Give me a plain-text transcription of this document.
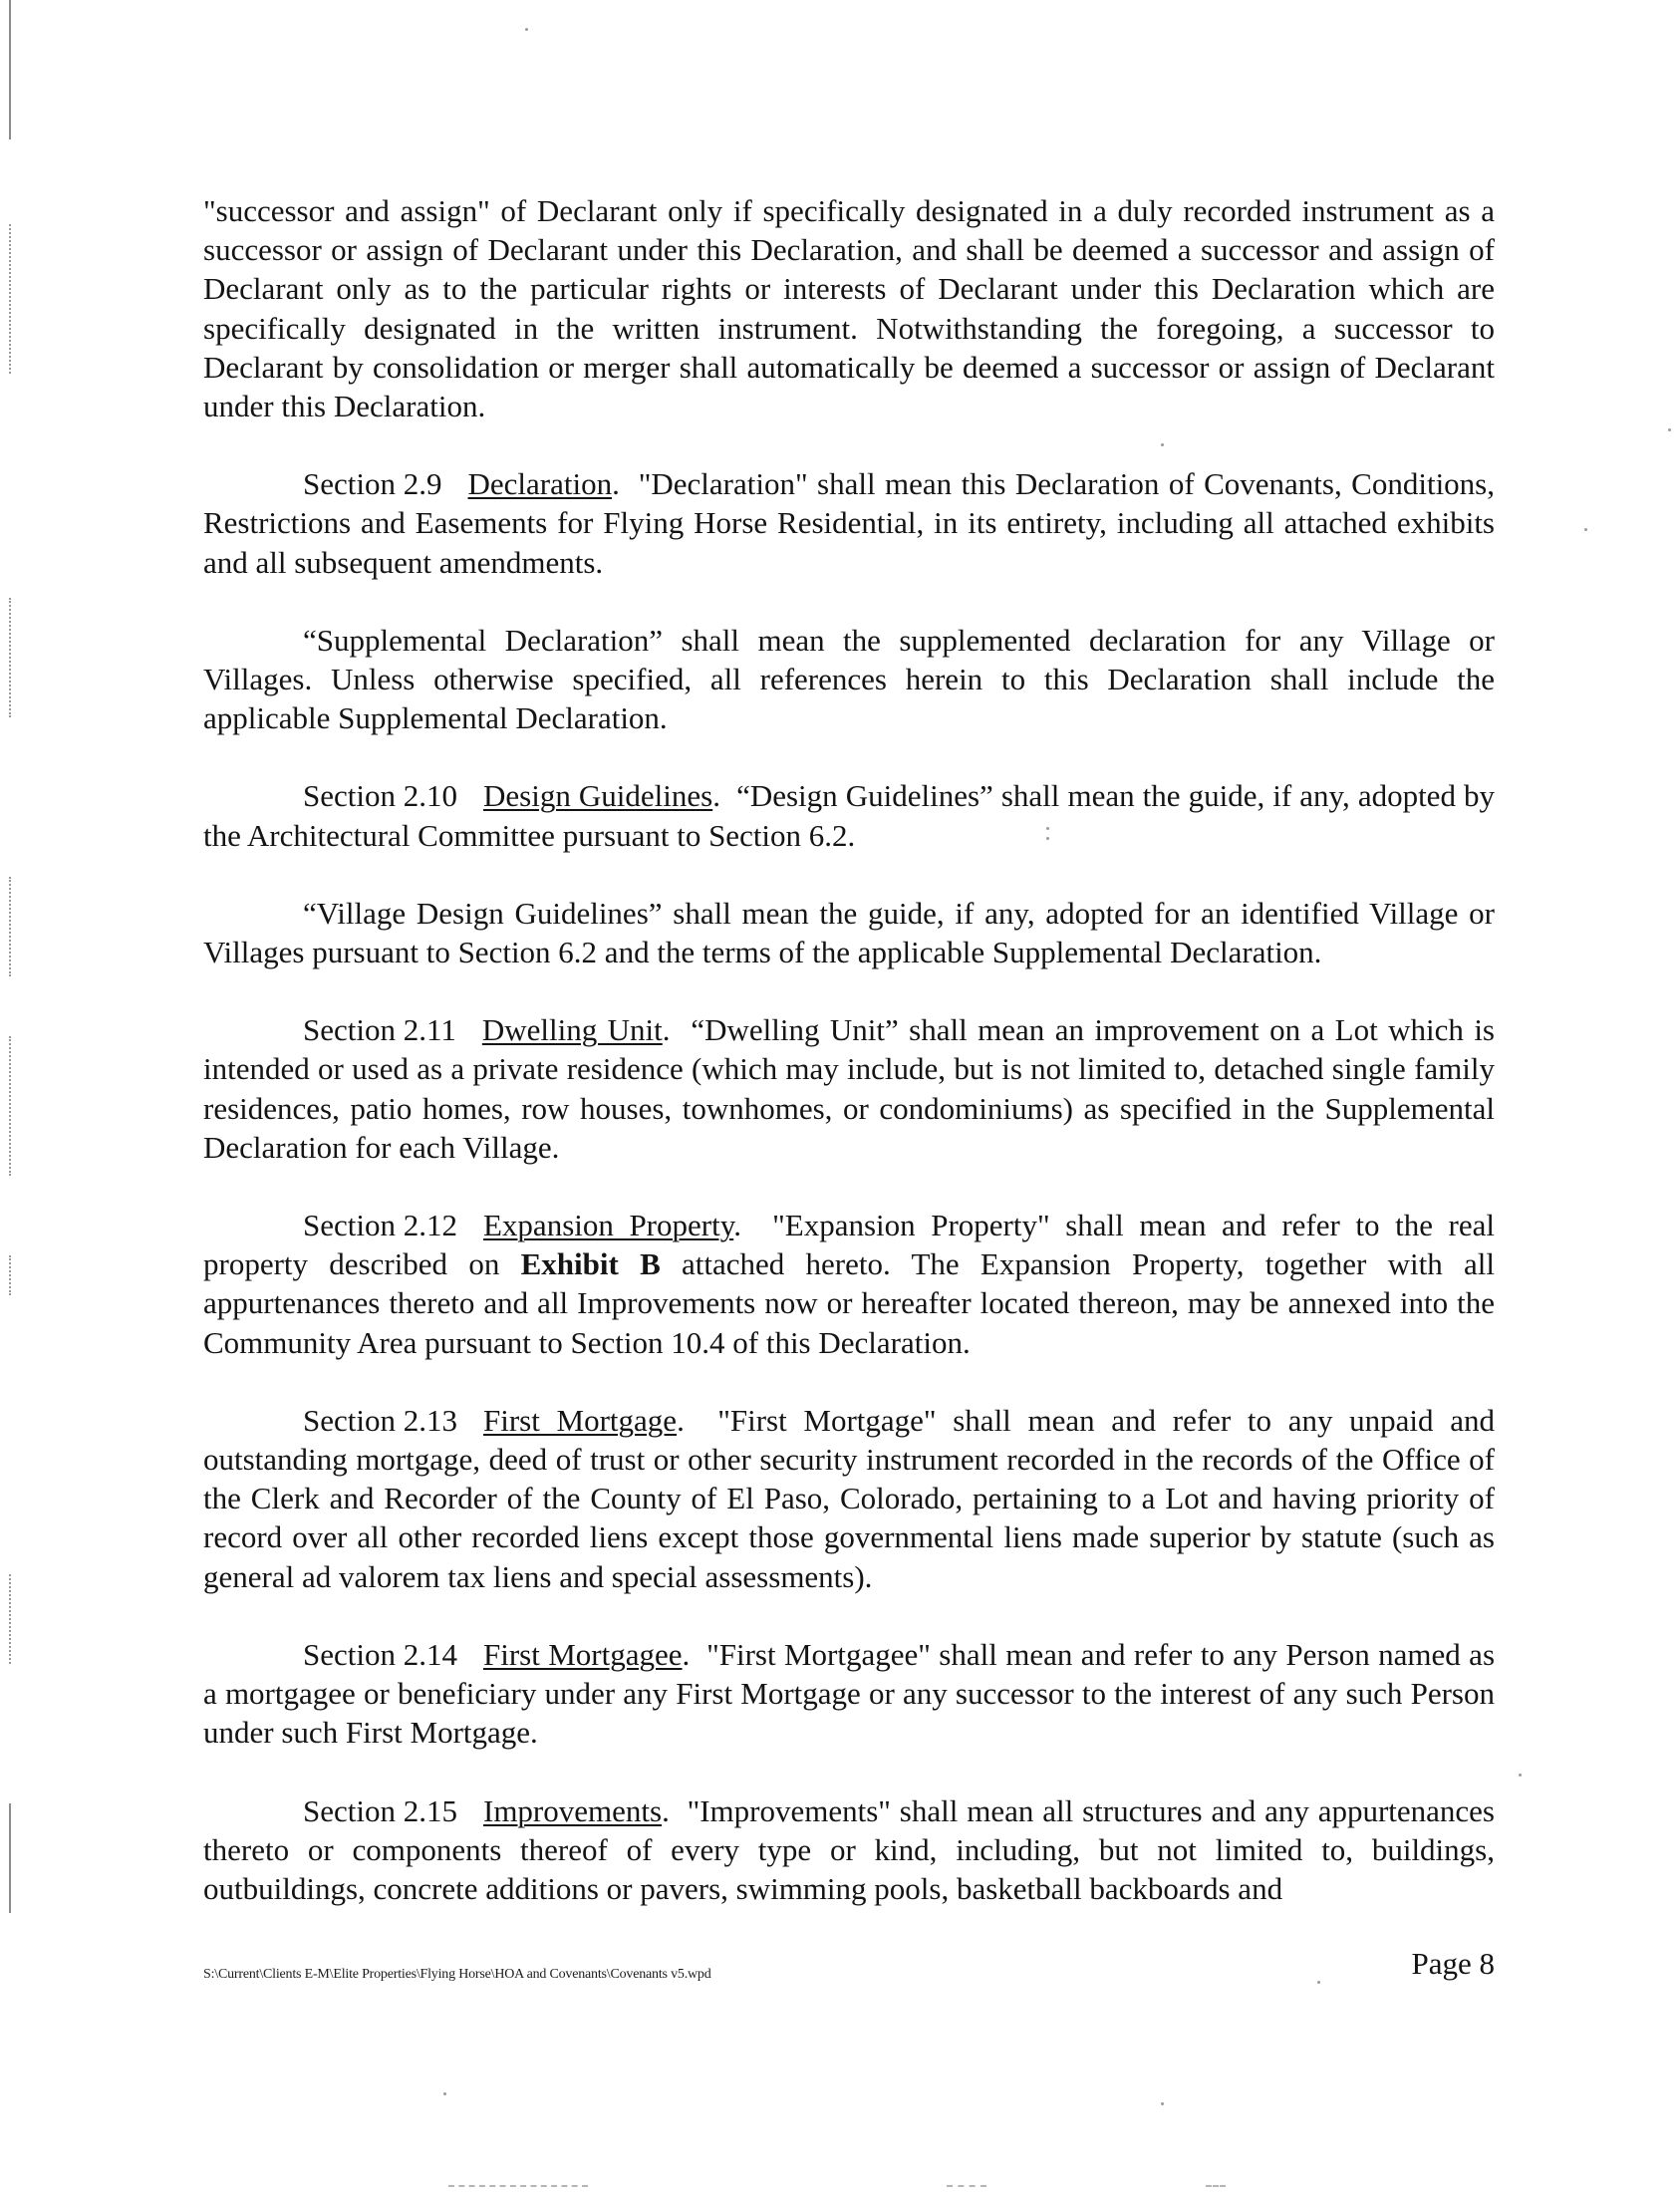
"successor and assign" of Declarant only if specifically designated in a duly recorded instrument as a successor or assign of Declarant under this Declaration, and shall be deemed a successor and assign of Declarant only as to the particular rights or interests of Declarant under this Declaration which are specifically designated in the written instrument. Notwithstanding the foregoing, a successor to Declarant by consolidation or merger shall automatically be deemed a successor or assign of Declarant under this Declaration.

Section 2.9 Declaration.  "Declaration" shall mean this Declaration of Covenants, Conditions, Restrictions and Easements for Flying Horse Residential, in its entirety, including all attached exhibits and all subsequent amendments.

“Supplemental Declaration” shall mean the supplemented declaration for any Village or Villages. Unless otherwise specified, all references herein to this Declaration shall include the applicable Supplemental Declaration.

Section 2.10 Design Guidelines.  “Design Guidelines” shall mean the guide, if any, adopted by the Architectural Committee pursuant to Section 6.2.

“Village Design Guidelines” shall mean the guide, if any, adopted for an identified Village or Villages pursuant to Section 6.2 and the terms of the applicable Supplemental Declaration.

Section 2.11 Dwelling Unit.  “Dwelling Unit” shall mean an improvement on a Lot which is intended or used as a private residence (which may include, but is not limited to, detached single family residences, patio homes, row houses, townhomes, or condominiums) as specified in the Supplemental Declaration for each Village.

Section 2.12 Expansion Property.  "Expansion Property" shall mean and refer to the real property described on Exhibit B attached hereto. The Expansion Property, together with all appurtenances thereto and all Improvements now or hereafter located thereon, may be annexed into the Community Area pursuant to Section 10.4 of this Declaration.

Section 2.13 First Mortgage.  "First Mortgage" shall mean and refer to any unpaid and outstanding mortgage, deed of trust or other security instrument recorded in the records of the Office of the Clerk and Recorder of the County of El Paso, Colorado, pertaining to a Lot and having priority of record over all other recorded liens except those governmental liens made superior by statute (such as general ad valorem tax liens and special assessments).

Section 2.14 First Mortgagee.  "First Mortgagee" shall mean and refer to any Person named as a mortgagee or beneficiary under any First Mortgage or any successor to the interest of any such Person under such First Mortgage.

Section 2.15 Improvements.  "Improvements" shall mean all structures and any appurtenances thereto or components thereof of every type or kind, including, but not limited to, buildings, outbuildings, concrete additions or pavers, swimming pools, basketball backboards and

S:\Current\Clients E-M\Elite Properties\Flying Horse\HOA and Covenants\Covenants v5.wpd	Page 8
